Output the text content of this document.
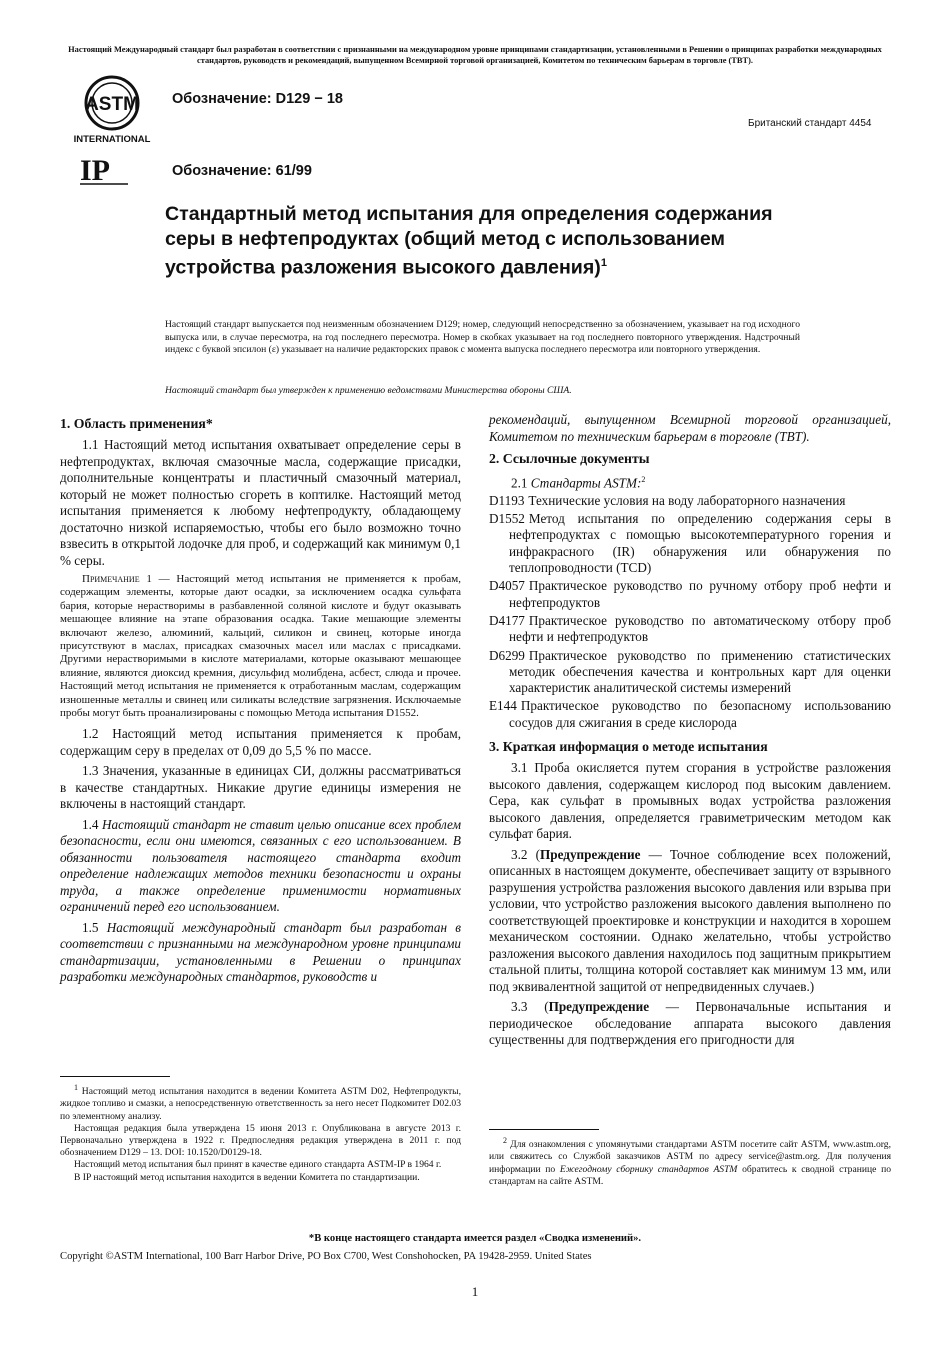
Настоящий Международный стандарт был разработан в соответствии с признанными на международном уровне принципами стандартизации, установленными в Решении о принципах разработки международных стандартов, руководств и рекомендаций, выпущенном Всемирной торговой организацией, Комитетом по техническим барьерам в торговле (TBT).
ASTM
INTERNATIONAL
IP
Обозначение: D129 − 18
Британский стандарт 4454
Обозначение: 61/99
Стандартный метод испытания для определения содержания серы в нефтепродуктах (общий метод с использованием устройства разложения высокого давления)$^1$
Настоящий стандарт выпускается под неизменным обозначением D129; номер, следующий непосредственно за обозначением, указывает на год исходного выпуска или, в случае пересмотра, на год последнего пересмотра. Номер в скобках указывает на год последнего повторного утверждения. Надстрочный индекс с буквой эпсилон (ε) указывает на наличие редакторских правок с момента выпуска последнего пересмотра или повторного утверждения.
Настоящий стандарт был утвержден к применению ведомствами Министерства обороны США.
1. Область применения*

1.1 Настоящий метод испытания охватывает определение серы в нефтепродуктах, включая смазочные масла, содержащие присадки, дополнительные концентраты и пластичный смазочный материал, который не может полностью сгореть в коптилке. Настоящий метод испытания применяется к любому нефтепродукту, обладающему достаточно низкой испаряемостью, чтобы его было возможно точно взвесить в открытой лодочке для проб, и содержащий как минимум 0,1 % серы.

Примечание 1 — Настоящий метод испытания не применяется к пробам, содержащим элементы, которые дают осадки, за исключением осадка сульфата бария, которые нерастворимы в разбавленной соляной кислоте и будут оказывать мешающее влияние на этапе образования осадка. Такие мешающие элементы включают железо, алюминий, кальций, силикон и свинец, которые иногда присутствуют в маслах, присадках смазочных масел или маслах с присадками. Другими нерастворимыми в кислоте материалами, которые оказывают мешающее влияние, являются диоксид кремния, дисульфид молибдена, асбест, слюда и прочее. Настоящий метод испытания не применяется к отработанным маслам, содержащим изношенные металлы и свинец или силикаты вследствие загрязнения. Исключаемые пробы могут быть проанализированы с помощью Метода испытания D1552.

1.2 Настоящий метод испытания применяется к пробам, содержащим серу в пределах от 0,09 до 5,5 % по массе.

1.3 Значения, указанные в единицах СИ, должны рассматриваться в качестве стандартных. Никакие другие единицы измерения не включены в настоящий стандарт.

1.4 Настоящий стандарт не ставит целью описание всех проблем безопасности, если они имеются, связанных с его использованием. В обязанности пользователя настоящего стандарта входит определение надлежащих методов техники безопасности и охраны труда, а также определение применимости нормативных ограничений перед его использованием.

1.5 Настоящий международный стандарт был разработан в соответствии с признанными на международном уровне принципами стандартизации, установленными в Решении о принципах разработки международных стандартов, руководств и

$^1$ Настоящий метод испытания находится в ведении Комитета ASTM D02, Нефтепродукты, жидкое топливо и смазки, а непосредственную ответственность за него несет Подкомитет D02.03 по элементному анализу.

Настоящая редакция была утверждена 15 июня 2013 г. Опубликована в августе 2013 г. Первоначально утверждена в 1922 г. Предпоследняя редакция утверждена в 2011 г. под обозначением D129 – 13. DOI: 10.1520/D0129-18.

Настоящий метод испытания был принят в качестве единого стандарта ASTM-IP в 1964 г.

В IP настоящий метод испытания находится в ведении Комитета по стандартизации.

рекомендаций, выпущенном Всемирной торговой организацией, Комитетом по техническим барьерам в торговле (TBT).

2. Ссылочные документы

2.1 Стандарты ASTM:$^2$

D1193 Технические условия на воду лабораторного назначения

D1552 Метод испытания по определению содержания серы в нефтепродуктах с помощью высокотемпературного горения и инфракрасного (IR) обнаружения или обнаружения по теплопроводности (TCD)

D4057 Практическое руководство по ручному отбору проб нефти и нефтепродуктов

D4177 Практическое руководство по автоматическому отбору проб нефти и нефтепродуктов

D6299 Практическое руководство по применению статистических методик обеспечения качества и контрольных карт для оценки характеристик аналитической системы измерений

E144 Практическое руководство по безопасному использованию сосудов для сжигания в среде кислорода

3. Краткая информация о методе испытания

3.1 Проба окисляется путем сгорания в устройстве разложения высокого давления, содержащем кислород под высоким давлением. Сера, как сульфат в промывных водах устройства разложения высокого давления, определяется гравиметрическим методом как сульфат бария.

3.2 (Предупреждение — Точное соблюдение всех положений, описанных в настоящем документе, обеспечивает защиту от взрывного разрушения устройства разложения высокого давления или взрыва при условии, что устройство разложения высокого давления выполнено по соответствующей проектировке и конструкции и находится в хорошем механическом состоянии. Однако желательно, чтобы устройство разложения высокого давления находилось под защитным прикрытием стальной плиты, толщина которой составляет как минимум 13 мм, или под эквивалентной защитой от непредвиденных случаев.)

3.3 (Предупреждение — Первоначальные испытания и периодическое обследование аппарата высокого давления существенны для подтверждения его пригодности для

$^2$ Для ознакомления с упомянутыми стандартами ASTM посетите сайт ASTM, www.astm.org, или свяжитесь со Службой заказчиков ASTM по адресу service@astm.org. Для получения информации по Ежегодному сборнику стандартов ASTM обратитесь к сводной странице по стандартам на сайте ASTM.

*В конце настоящего стандарта имеется раздел «Сводка изменений».
Copyright ©ASTM International, 100 Barr Harbor Drive, PO Box C700, West Conshohocken, PA 19428-2959. United States
1
